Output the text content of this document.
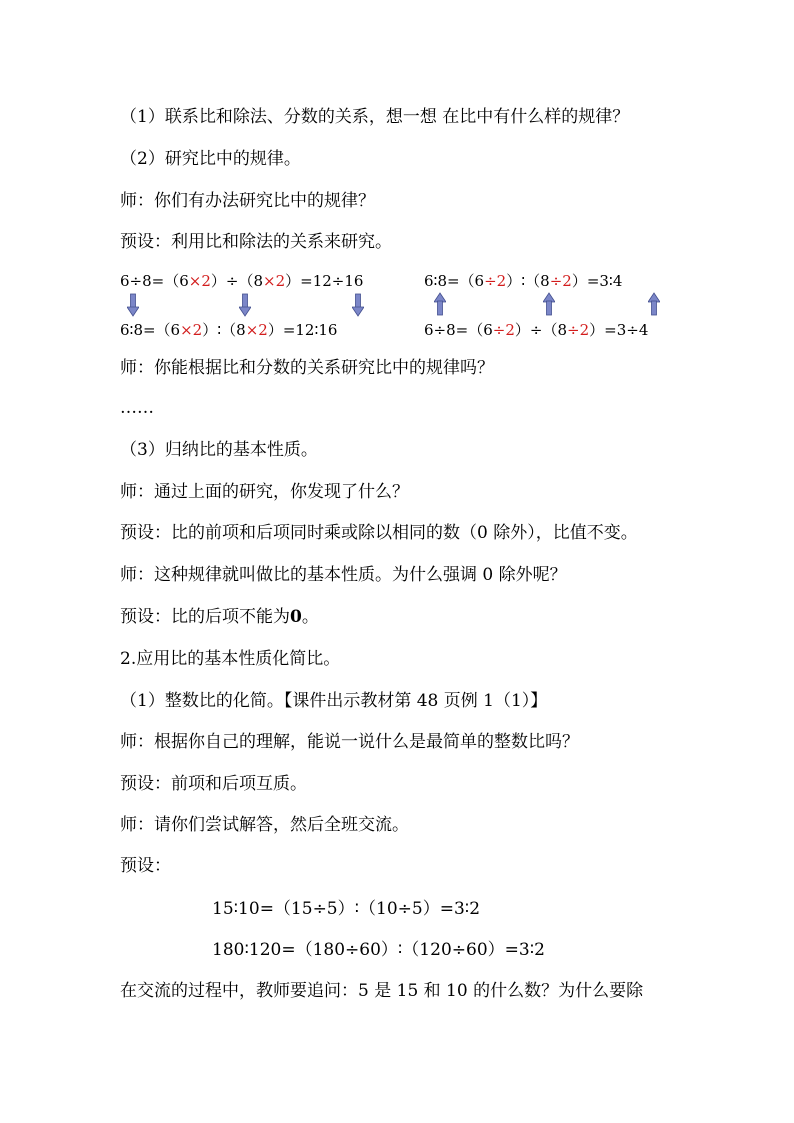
（1）联系比和除法、分数的关系，想一想 在比中有什么样的规律？
（2）研究比中的规律。
师：你们有办法研究比中的规律？
预设：利用比和除法的关系来研究。
6÷8=（6×2）÷（8×2）=12÷16
6∶8=（6×2）∶（8×2）=12∶16
6∶8=（6÷2）∶（8÷2）=3∶4
6÷8=（6÷2）÷（8÷2）=3÷4
师：你能根据比和分数的关系研究比中的规律吗？
……
（3）归纳比的基本性质。
师：通过上面的研究，你发现了什么？
预设：比的前项和后项同时乘或除以相同的数（0 除外），比值不变。
师：这种规律就叫做比的基本性质。为什么强调 0 除外呢？
预设：比的后项不能为0。
2.应用比的基本性质化简比。
（1）整数比的化简。【课件出示教材第 48 页例 1（1）】
师：根据你自己的理解，能说一说什么是最简单的整数比吗？
预设：前项和后项互质。
师：请你们尝试解答，然后全班交流。
预设：
15∶10=（15÷5）∶（10÷5）=3∶2
180∶120=（180÷60）∶（120÷60）=3∶2
在交流的过程中，教师要追问：5 是 15 和 10 的什么数？为什么要除
